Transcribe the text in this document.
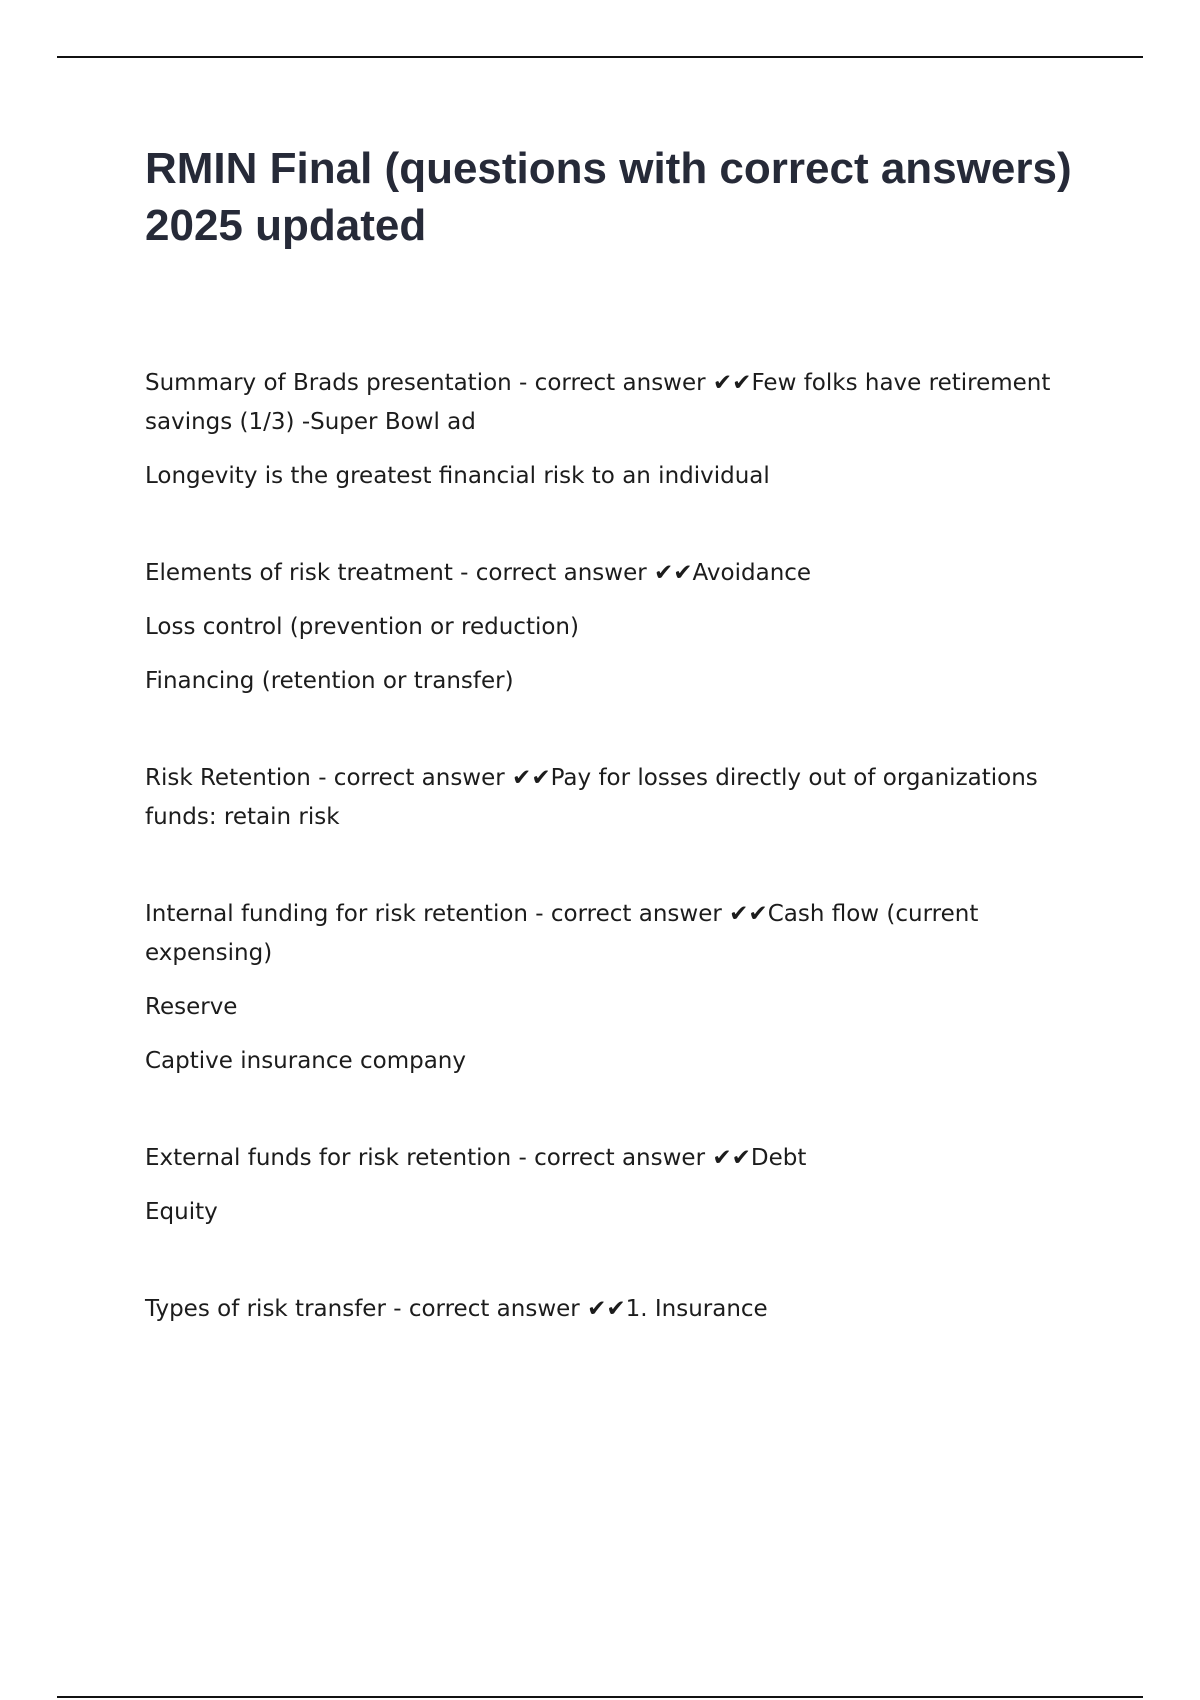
RMIN Final (questions with correct answers) 2025 updated

Summary of Brads presentation - correct answer ✔✔Few folks have retirement savings (1/3) -Super Bowl ad

Longevity is the greatest financial risk to an individual

Elements of risk treatment - correct answer ✔✔Avoidance

Loss control (prevention or reduction)

Financing (retention or transfer)

Risk Retention - correct answer ✔✔Pay for losses directly out of organizations funds: retain risk

Internal funding for risk retention - correct answer ✔✔Cash flow (current expensing)

Reserve

Captive insurance company

External funds for risk retention - correct answer ✔✔Debt

Equity

Types of risk transfer - correct answer ✔✔1. Insurance
